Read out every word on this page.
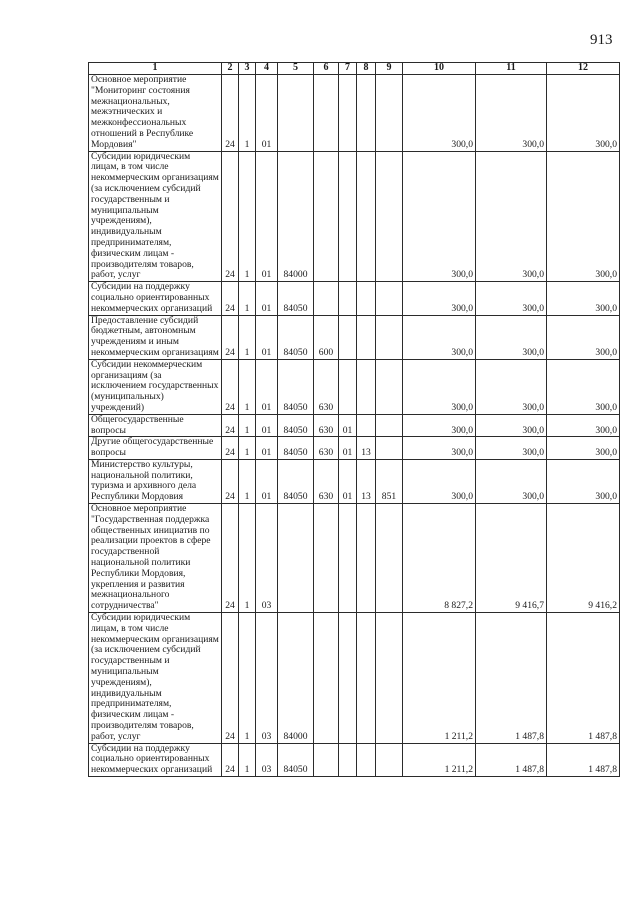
913
1	2	3	4	5	6	7	8	9	10	11	12
Основное мероприятие "Мониторинг состояния межнациональных, межэтнических и межконфессиональных отношений в Республике Мордовия"	24	1	01						300,0	300,0	300,0
Субсидии юридическим лицам, в том числе некоммерческим организациям (за исключением субсидий государственным и муниципальным учреждениям), индивидуальным предпринимателям, физическим лицам - производителям товаров, работ, услуг	24	1	01	84000					300,0	300,0	300,0
Субсидии на поддержку социально ориентированных некоммерческих организаций	24	1	01	84050					300,0	300,0	300,0
Предоставление субсидий бюджетным, автономным учреждениям и иным некоммерческим организациям	24	1	01	84050	600				300,0	300,0	300,0
Субсидии некоммерческим организациям (за исключением государственных (муниципальных) учреждений)	24	1	01	84050	630				300,0	300,0	300,0
Общегосударственные вопросы	24	1	01	84050	630	01			300,0	300,0	300,0
Другие общегосударственные вопросы	24	1	01	84050	630	01	13		300,0	300,0	300,0
Министерство культуры, национальной политики, туризма и архивного дела Республики Мордовия	24	1	01	84050	630	01	13	851	300,0	300,0	300,0
Основное мероприятие "Государственная поддержка общественных инициатив по реализации проектов в сфере государственной национальной политики Республики Мордовия, укрепления и развития межнационального сотрудничества"	24	1	03						8 827,2	9 416,7	9 416,2
Субсидии юридическим лицам, в том числе некоммерческим организациям (за исключением субсидий государственным и муниципальным учреждениям), индивидуальным предпринимателям, физическим лицам - производителям товаров, работ, услуг	24	1	03	84000					1 211,2	1 487,8	1 487,8
Субсидии на поддержку социально ориентированных некоммерческих организаций	24	1	03	84050					1 211,2	1 487,8	1 487,8
